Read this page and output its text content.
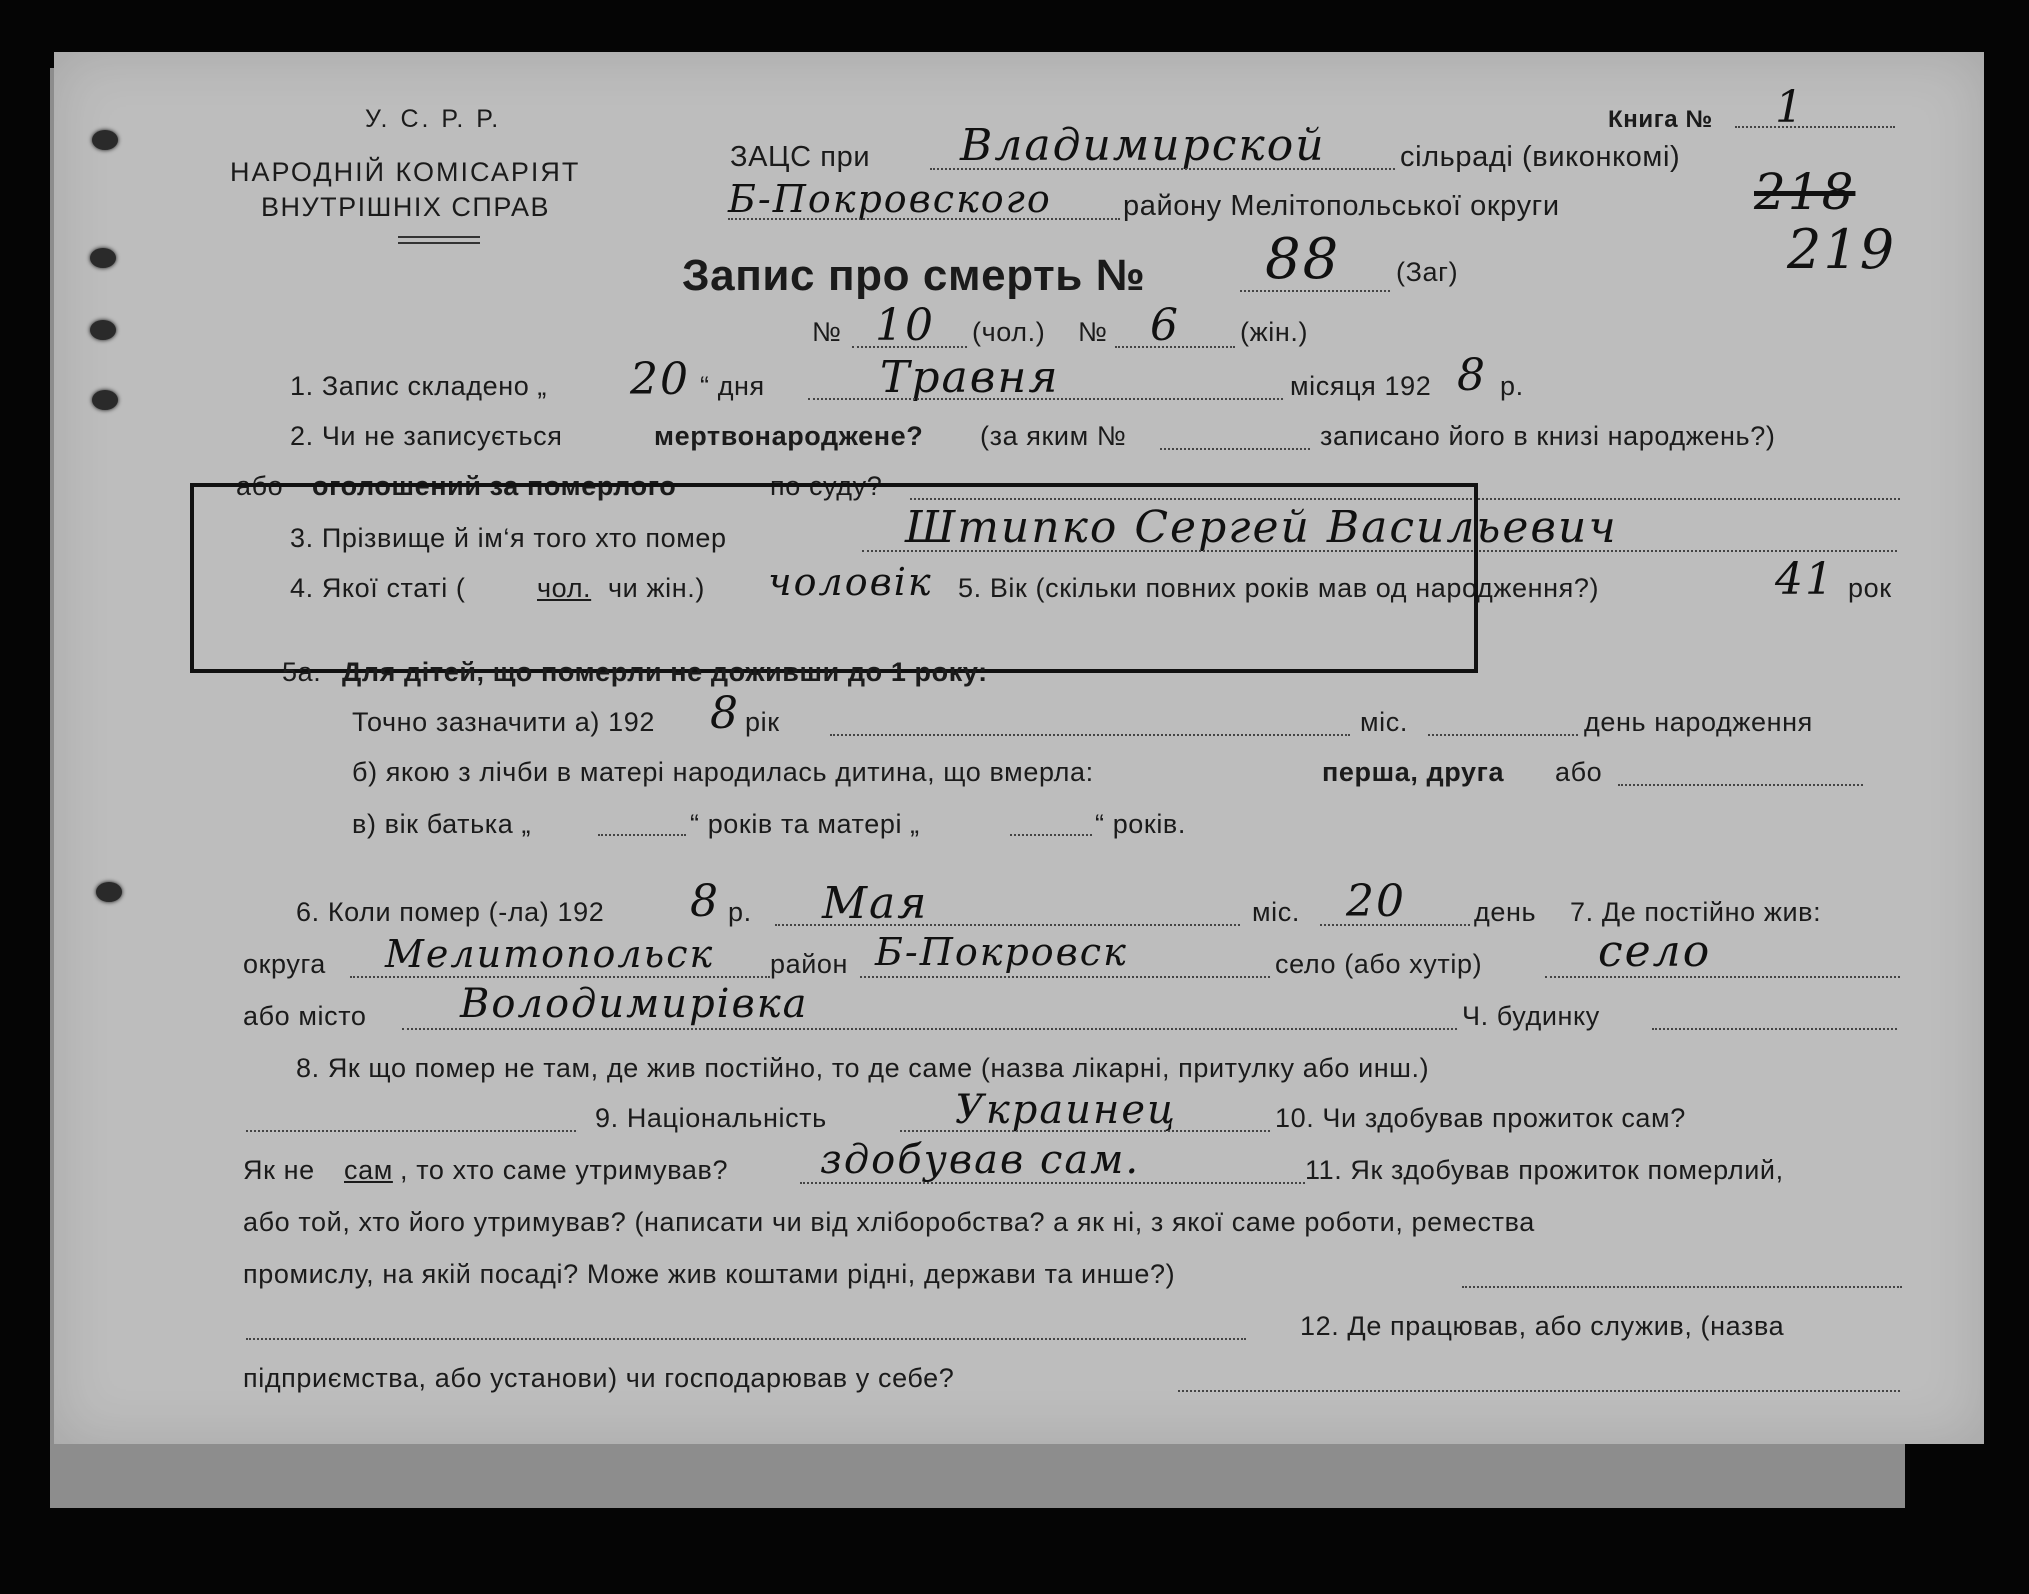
У. С. Р. Р.
НАРОДНІЙ КОМІСАРІЯТ
ВНУТРІШНІХ СПРАВ
Книга № 1
218
219
ЗАЦС при Владимирской	сільраді (виконкомі)
Б-Покровского району Мелітопольської округи
Запис про смерть № 88 (Заг)
№ 10 (чол.) № 6 (жін.)
1. Запис складено „ 20 “ дня	Травня	місяця 192 8 р.
2. Чи не записується	мертвонароджене? (за яким №	записано його в книзі народжень?)
або оголошений за померлого	по суду?
3. Прізвище й ім‘я того хто помер	Штипко Сергей Васильевич
4. Якої статі (	чол. чи жін.) чоловік 5. Вік (скільки повних років мав од народження?)	41 рок
5а. Для дітей, що померли не доживши до 1 року:
Точно зазначити а) 192 8 рік	міс.	день народження
б) якою з лічби в матері народилась дитина, що вмерла:	перша, друга або
в) вік батька „	“ років та матері „	“ років.
6. Коли помер (-ла) 192 8 р. Мая	міс. 20	день 7. Де постійно жив:
округа Мелитопольск район Б-Покровск	село (або хутір)	село
або місто Володимирівка	Ч. будинку
8. Як що помер не там, де жив постійно, то де саме (назва лікарні, притулку або инш.)
9. Національність	Украинец	10. Чи здобував прожиток сам?
Як не сам , то хто саме утримував? здобував сам.	11. Як здобував прожиток померлий,
або той, хто його утримував? (написати чи від хліборобства? а як ні, з якої саме роботи, ремества
промислу, на якій посаді? Може жив коштами рідні, держави та инше?)
12. Де працював, або служив, (назва
підприємства, або установи) чи господарював у себе?
